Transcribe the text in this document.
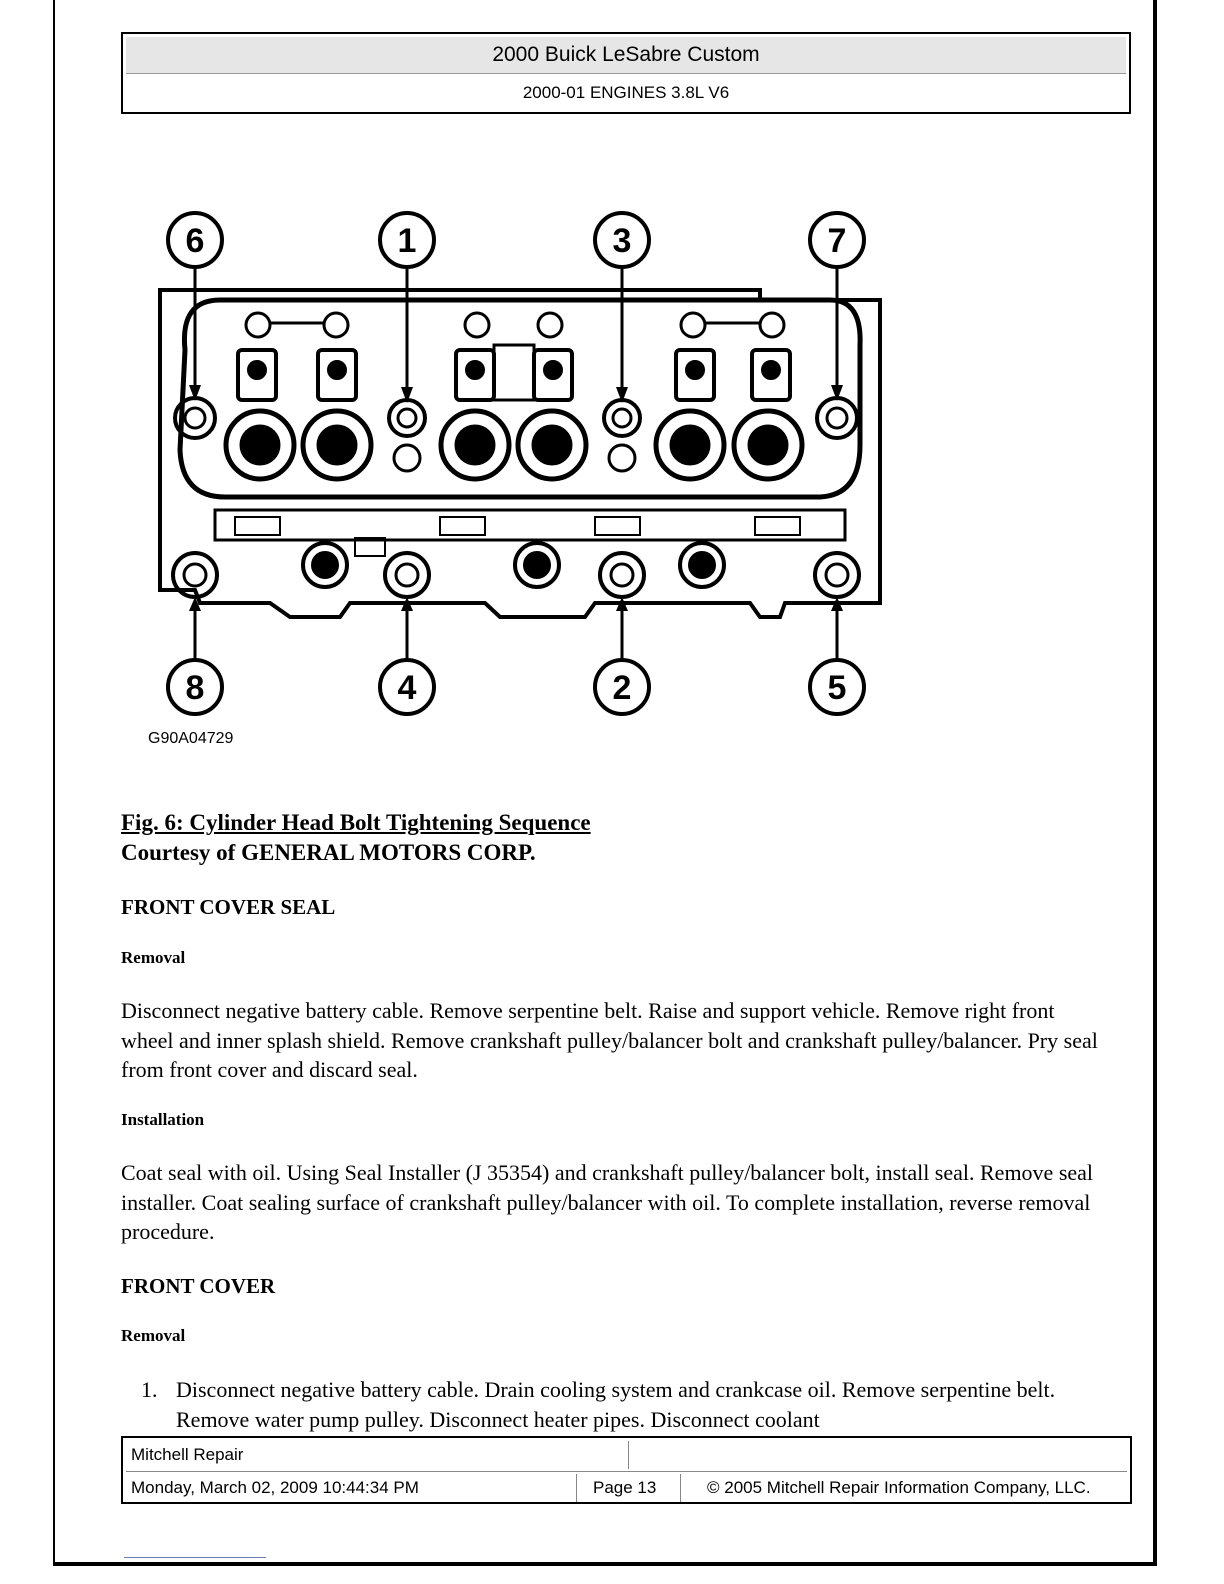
2000 Buick LeSabre Custom
2000-01 ENGINES 3.8L V6
6	1	3	7
8	4	2	5
G90A04729
Fig. 6: Cylinder Head Bolt Tightening Sequence
Courtesy of GENERAL MOTORS CORP.
FRONT COVER SEAL
Removal
Disconnect negative battery cable. Remove serpentine belt. Raise and support vehicle. Remove right front wheel and inner splash shield. Remove crankshaft pulley/balancer bolt and crankshaft pulley/balancer. Pry seal from front cover and discard seal.
Installation
Coat seal with oil. Using Seal Installer (J 35354) and crankshaft pulley/balancer bolt, install seal. Remove seal installer. Coat sealing surface of crankshaft pulley/balancer with oil. To complete installation, reverse removal procedure.
FRONT COVER
Removal
1. Disconnect negative battery cable. Drain cooling system and crankcase oil. Remove serpentine belt. Remove water pump pulley. Disconnect heater pipes. Disconnect coolant
Mitchell Repair
Monday, March 02, 2009 10:44:34 PM	Page 13	© 2005 Mitchell Repair Information Company, LLC.
